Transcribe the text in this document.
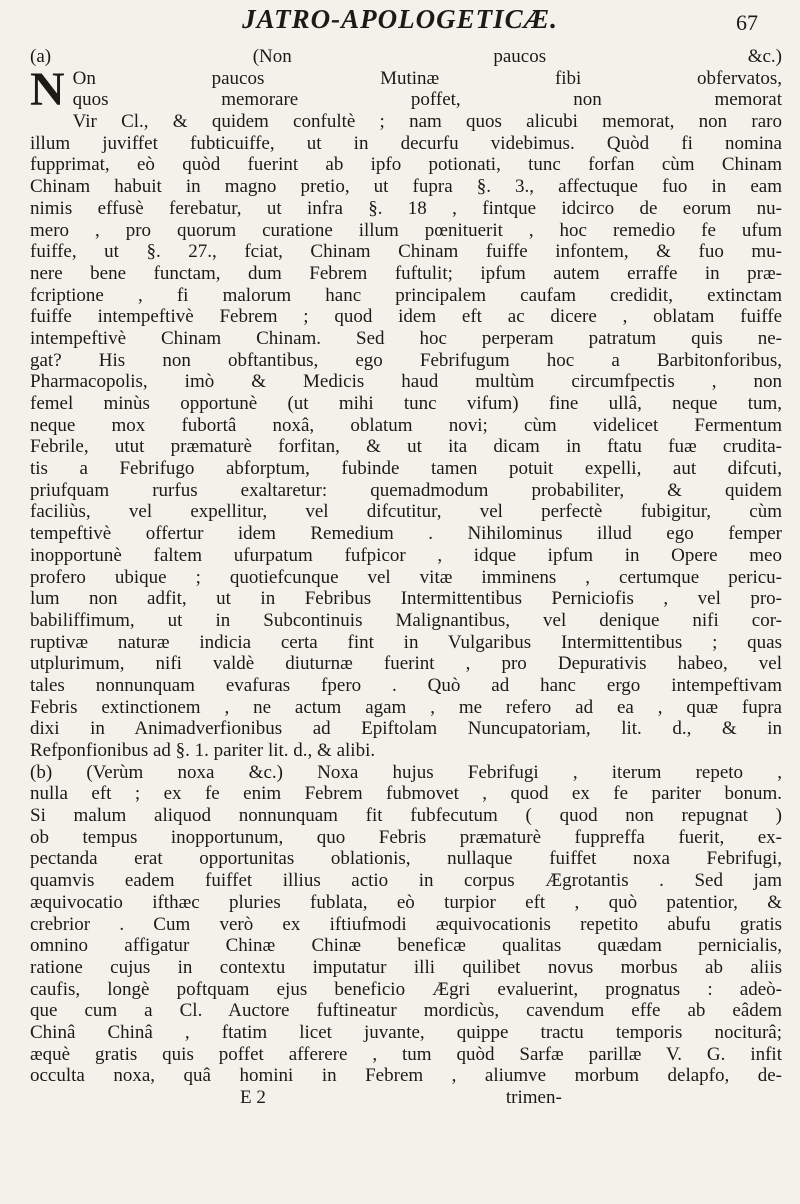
JATRO-APOLOGETICÆ.	67
(a) (Non paucos &c.)
N On paucos Mutinæ fibi obfervatos,
quos memorare poffet, non memorat
Vir Cl., & quidem confultè ; nam quos alicubi memorat, non raro
illum juviffet fubticuiffe, ut in decurfu videbimus. Quòd fi nomina
fupprimat, eò quòd fuerint ab ipfo potionati, tunc forfan cùm Chinam
Chinam habuit in magno pretio, ut fupra §. 3., affectuque fuo in eam
nimis effusè ferebatur, ut infra §. 18 , fintque idcirco de eorum nu-
mero , pro quorum curatione illum pœnituerit , hoc remedio fe ufum
fuiffe, ut §. 27., fciat, Chinam Chinam fuiffe infontem, & fuo mu-
nere bene functam, dum Febrem fuftulit; ipfum autem erraffe in præ-
fcriptione , fi malorum hanc principalem caufam credidit, extinctam
fuiffe intempeftivè Febrem ; quod idem eft ac dicere , oblatam fuiffe
intempeftivè Chinam Chinam. Sed hoc perperam patratum quis ne-
gat? His non obftantibus, ego Febrifugum hoc a Barbitonforibus,
Pharmacopolis, imò & Medicis haud multùm circumfpectis , non
femel minùs opportunè (ut mihi tunc vifum) fine ullâ, neque tum,
neque mox fubortâ noxâ, oblatum novi; cùm videlicet Fermentum
Febrile, utut præmaturè forfitan, & ut ita dicam in ftatu fuæ crudita-
tis a Febrifugo abforptum, fubinde tamen potuit expelli, aut difcuti,
priufquam rurfus exaltaretur: quemadmodum probabiliter, & quidem
faciliùs, vel expellitur, vel difcutitur, vel perfectè fubigitur, cùm
tempeftivè offertur idem Remedium . Nihilominus illud ego femper
inopportunè faltem ufurpatum fufpicor , idque ipfum in Opere meo
profero ubique ; quotiefcunque vel vitæ imminens , certumque pericu-
lum non adfit, ut in Febribus Intermittentibus Perniciofis , vel pro-
babiliffimum, ut in Subcontinuis Malignantibus, vel denique nifi cor-
ruptivæ naturæ indicia certa fint in Vulgaribus Intermittentibus ; quas
utplurimum, nifi valdè diuturnæ fuerint , pro Depurativis habeo, vel
tales nonnunquam evafuras fpero . Quò ad hanc ergo intempeftivam
Febris extinctionem , ne actum agam , me refero ad ea , quæ fupra
dixi in Animadverfionibus ad Epiftolam Nuncupatoriam, lit. d., & in
Refponfionibus ad §. 1. pariter lit. d., & alibi.
(b) (Verùm noxa &c.) Noxa hujus Febrifugi , iterum repeto ,
nulla eft ; ex fe enim Febrem fubmovet , quod ex fe pariter bonum.
Si malum aliquod nonnunquam fit fubfecutum ( quod non repugnat )
ob tempus inopportunum, quo Febris præmaturè fuppreffa fuerit, ex-
pectanda erat opportunitas oblationis, nullaque fuiffet noxa Febrifugi,
quamvis eadem fuiffet illius actio in corpus Ægrotantis . Sed jam
æquivocatio ifthæc pluries fublata, eò turpior eft , quò patentior, &
crebrior . Cum verò ex iftiufmodi æquivocationis repetito abufu gratis
omnino affigatur Chinæ Chinæ beneficæ qualitas quædam pernicialis,
ratione cujus in contextu imputatur illi quilibet novus morbus ab aliis
caufis, longè poftquam ejus beneficio Ægri evaluerint, prognatus : adeò-
que cum a Cl. Auctore fuftineatur mordicùs, cavendum effe ab eâdem
Chinâ Chinâ , ftatim licet juvante, quippe tractu temporis nociturâ;
æquè gratis quis poffet afferere , tum quòd Sarfæ parillæ V. G. infit
occulta noxa, quâ homini in Febrem , aliumve morbum delapfo, de-
E 2	trimen-
